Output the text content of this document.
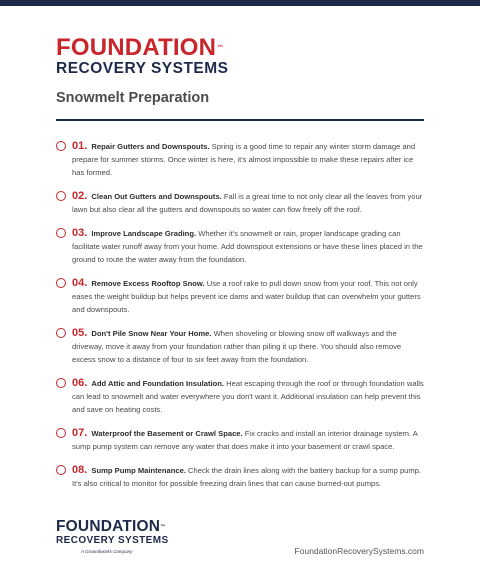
FOUNDATION™
RECOVERY SYSTEMS
Snowmelt Preparation
01. Repair Gutters and Downspouts. Spring is a good time to repair any winter storm damage and prepare for summer storms. Once winter is here, it's almost impossible to make these repairs after ice has formed.
02. Clean Out Gutters and Downspouts. Fall is a great time to not only clear all the leaves from your lawn but also clear all the gutters and downspouts so water can flow freely off the roof.
03. Improve Landscape Grading. Whether it's snowmelt or rain, proper landscape grading can facilitate water runoff away from your home. Add downspout extensions or have these lines placed in the ground to route the water away from the foundation.
04. Remove Excess Rooftop Snow. Use a roof rake to pull down snow from your roof. This not only eases the weight buildup but helps prevent ice dams and water buildup that can overwhelm your gutters and downspouts.
05. Don't Pile Snow Near Your Home. When shoveling or blowing snow off walkways and the driveway, move it away from your foundation rather than piling it up there. You should also remove excess snow to a distance of four to six feet away from the foundation.
06. Add Attic and Foundation Insulation. Heat escaping through the roof or through foundation walls can lead to snowmelt and water everywhere you don't want it. Additional insulation can help prevent this and save on heating costs.
07. Waterproof the Basement or Crawl Space. Fix cracks and install an interior drainage system. A sump pump system can remove any water that does make it into your basement or crawl space.
08. Sump Pump Maintenance. Check the drain lines along with the battery backup for a sump pump. It's also critical to monitor for possible freezing drain lines that can cause burned-out pumps.
FOUNDATION™
RECOVERY SYSTEMS
A Groundworks Company	FoundationRecoverySystems.com
